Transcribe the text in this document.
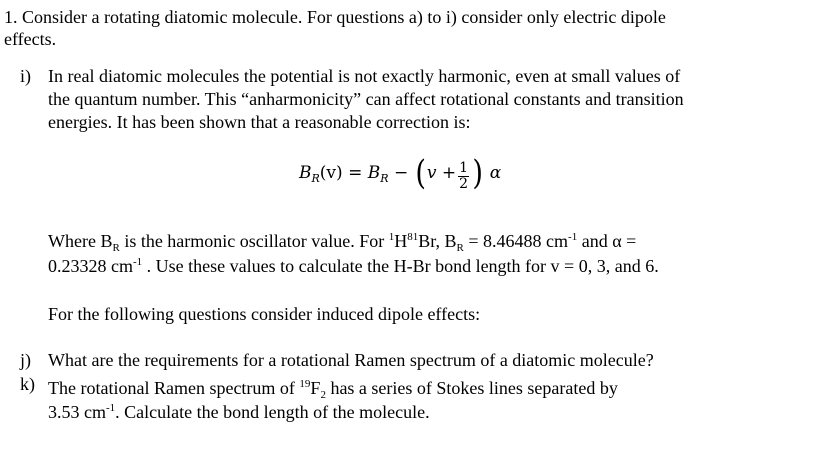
1. Consider a rotating diatomic molecule. For questions a) to i) consider only electric dipole
effects.
i) In real diatomic molecules the potential is not exactly harmonic, even at small values of
the quantum number. This “anharmonicity” can affect rotational constants and transition
energies. It has been shown that a reasonable correction is:
$B_R(v) = B_R - (v + \frac{1}{2}$ ) α
Where $B_R$ is the harmonic oscillator value. For $^1H^{81}Br$, $B_R = 8.46488$ $cm^{-1}$ and α =
0.23328 $cm^{-1}$ . Use these values to calculate the H-Br bond length for v = 0, 3, and 6.
For the following questions consider induced dipole effects:
j) What are the requirements for a rotational Ramen spectrum of a diatomic molecule?
k) The rotational Ramen spectrum of $^{19}F_2$ has a series of Stokes lines separated by
3.53 $cm^{-1}$. Calculate the bond length of the molecule.
